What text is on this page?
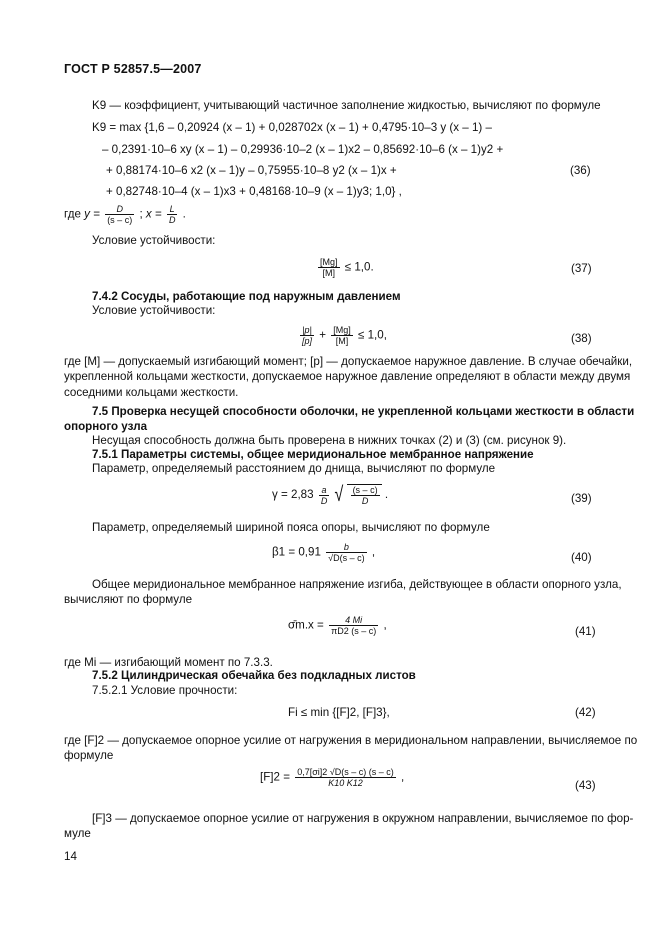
ГОСТ Р 52857.5—2007
K9 — коэффициент, учитывающий частичное заполнение жидкостью, вычисляют по формуле
K9 = max {1,6 – 0,20924 (x – 1) + 0,028702x (x – 1) + 0,4795·10–3 y (x – 1) –
– 0,2391·10–6 xy (x – 1) – 0,29936·10–2 (x – 1)x2 – 0,85692·10–6 (x – 1)y2 +
+ 0,88174·10–6 x2 (x – 1)y – 0,75955·10–8 y2 (x – 1)x +	(36)
+ 0,82748·10–4 (x – 1)x3 + 0,48168·10–9 (x – 1)y3; 1,0} ,
где $y = \frac{D}{(s - c)}$ ; $x = \frac{L}{D}$ .
Условие устойчивости:
$\frac{[Mg]}{[M]} \le 1,0$.	(37)
7.4.2 Сосуды, работающие под наружным давлением
Условие устойчивости:
$\frac{|p|}{[p]} + \frac{[Mg]}{[M]} \le 1,0$,	(38)
где [M] — допускаемый изгибающий момент; [p] — допускаемое наружное давление. В случае обечайки,
укрепленной кольцами жесткости, допускаемое наружное давление определяют в области между двумя
соседними кольцами жесткости.
7.5 Проверка несущей способности оболочки, не укрепленной кольцами жесткости в области
опорного узла
Несущая способность должна быть проверена в нижних точках (2) и (3) (см. рисунок 9).
7.5.1 Параметры системы, общее меридиональное мембранное напряжение
Параметр, определяемый расстоянием до днища, вычисляют по формуле
$\gamma = 2,83 \frac{a}{D}$ √ $\frac{(s - c)}{D}$ .	(39)
Параметр, определяемый шириной пояса опоры, вычисляют по формуле
$\beta 1 = 0,91 \frac{b}{√D(s - c)}$ ,	(40)
Общее меридиональное мембранное напряжение изгиба, действующее в области опорного узла,
вычисляют по формуле
σ̄m.x = $\frac{4 Mi}{\pi D2 (s - c)}$ ,	(41)
где Mi — изгибающий момент по 7.3.3.
7.5.2 Цилиндрическая обечайка без подкладных листов
7.5.2.1 Условие прочности:
Fi ≤ min {[F]2, [F]3},	(42)
где [F]2 — допускаемое опорное усилие от нагружения в меридиональном направлении, вычисляемое по
формуле
$[F]2 = \frac{0,7[\sigma i]2 √D(s - c) (s - c)}{K10 K12}$ ,
(43)
[F]3 — допускаемое опорное усилие от нагружения в окружном направлении, вычисляемое по фор-
муле
14
